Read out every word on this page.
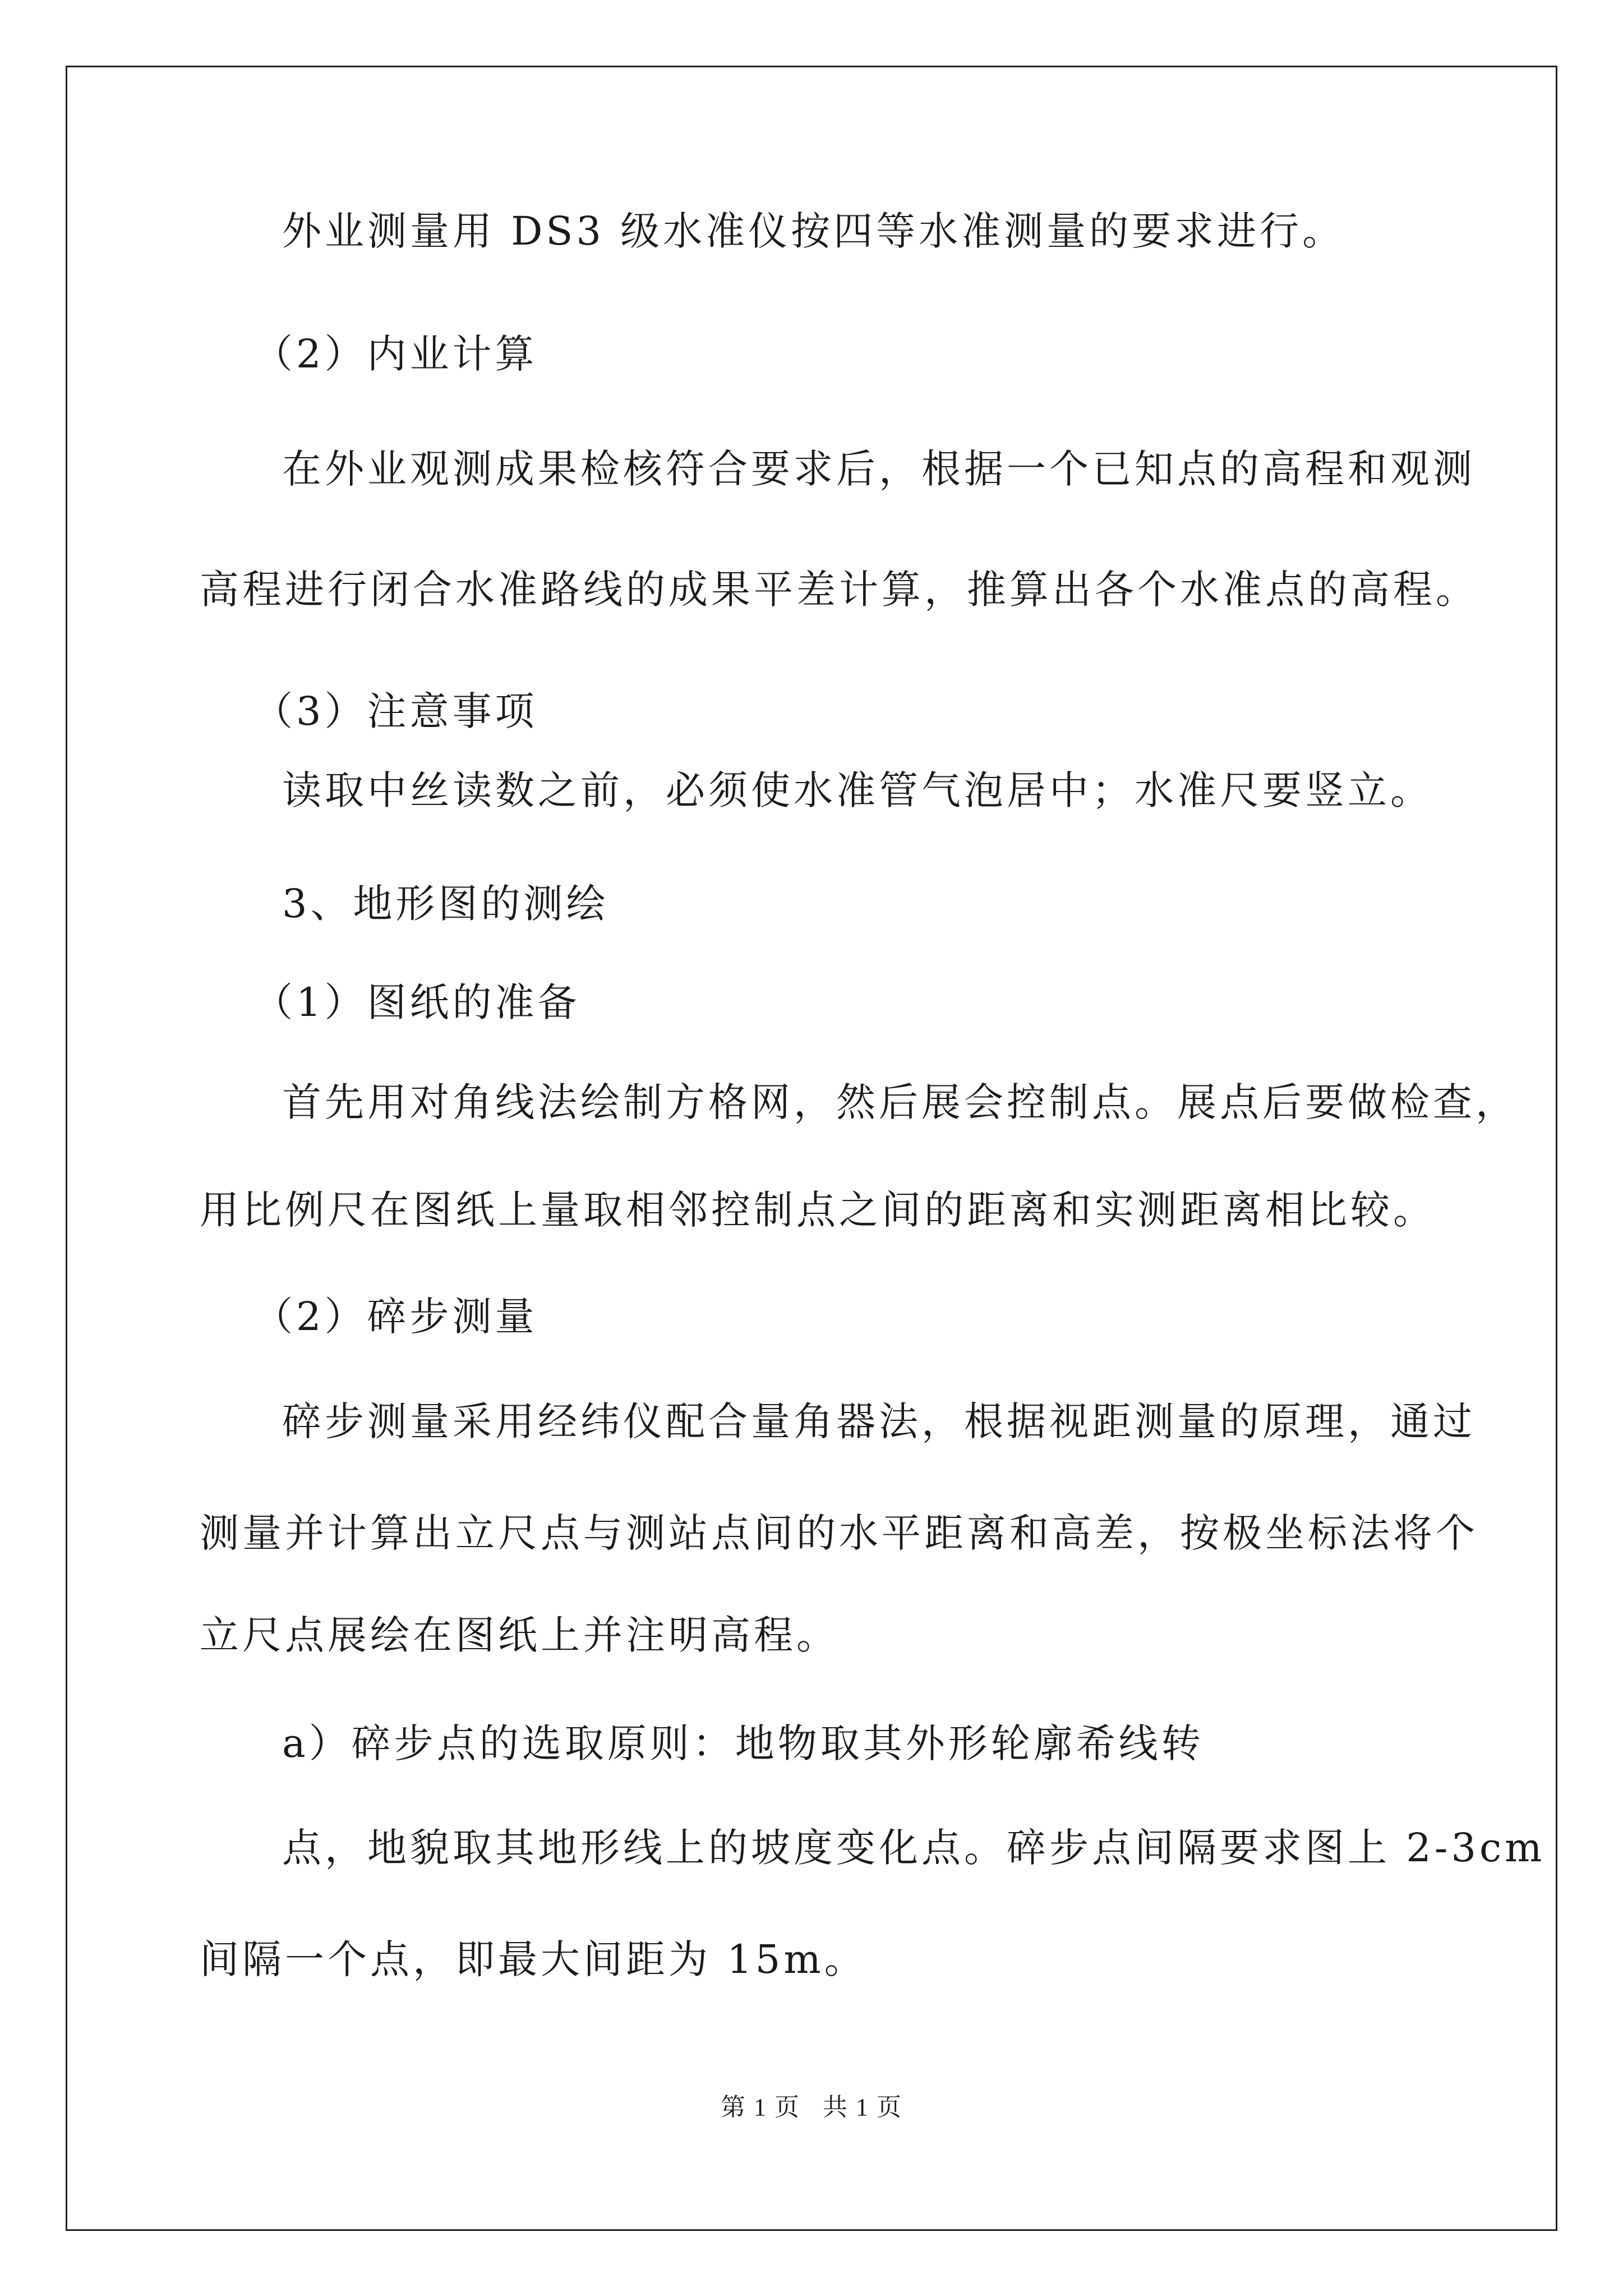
外业测量用 DS3 级水准仪按四等水准测量的要求进行。
（2）内业计算
在外业观测成果检核符合要求后，根据一个已知点的高程和观测
高程进行闭合水准路线的成果平差计算，推算出各个水准点的高程。
（3）注意事项
读取中丝读数之前，必须使水准管气泡居中；水准尺要竖立。
3、地形图的测绘
（1）图纸的准备
首先用对角线法绘制方格网，然后展会控制点。展点后要做检查，
用比例尺在图纸上量取相邻控制点之间的距离和实测距离相比较。
（2）碎步测量
碎步测量采用经纬仪配合量角器法，根据视距测量的原理，通过
测量并计算出立尺点与测站点间的水平距离和高差，按极坐标法将个
立尺点展绘在图纸上并注明高程。
a）碎步点的选取原则：地物取其外形轮廓希线转
点，地貌取其地形线上的坡度变化点。碎步点间隔要求图上 2-3cm
间隔一个点，即最大间距为 15m。
第 1 页 共 1 页
